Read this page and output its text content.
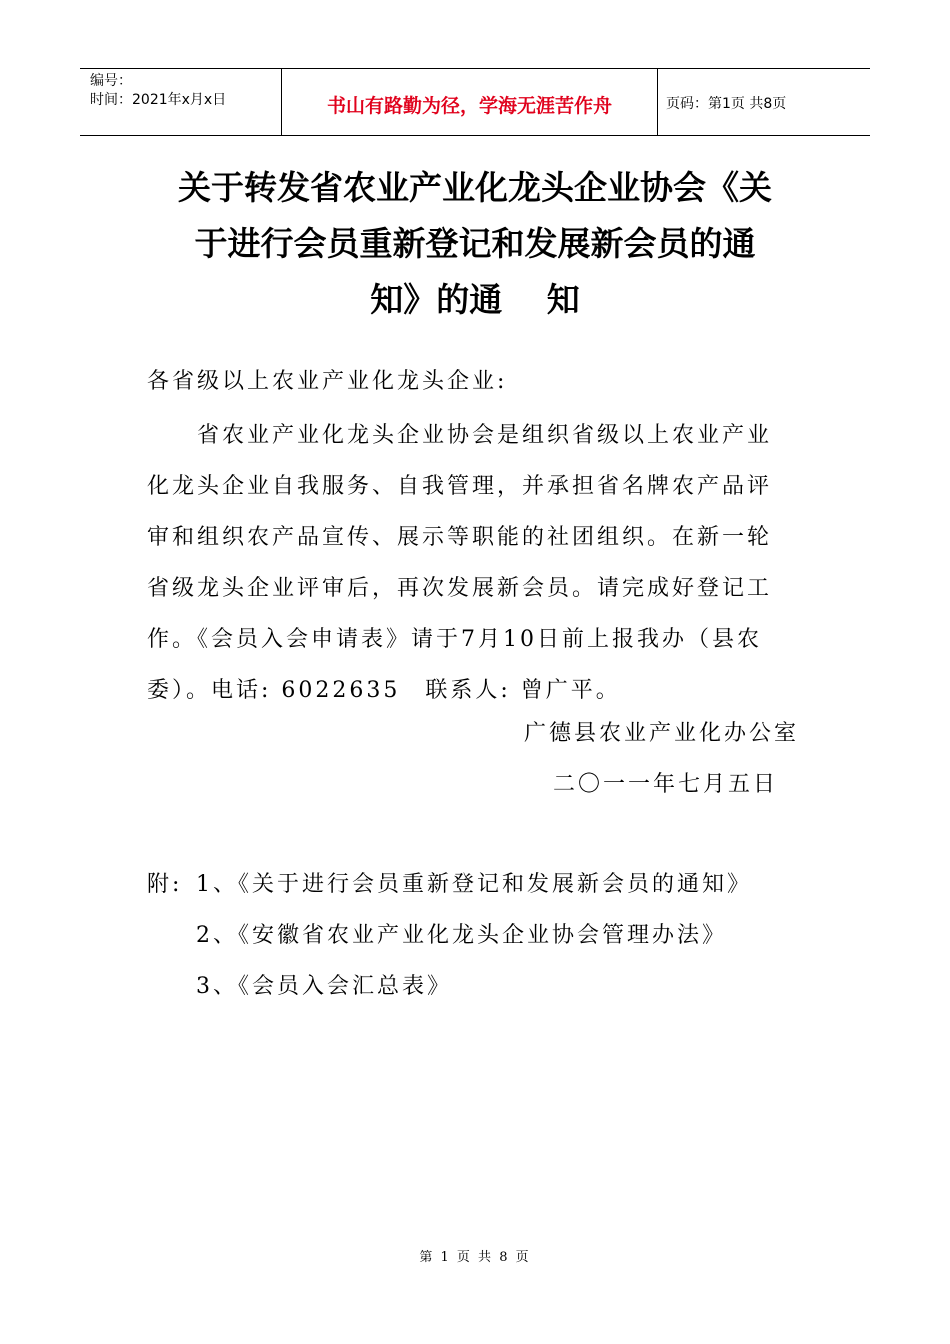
编号：
时间：2021年x月x日	书山有路勤为径，学海无涯苦作舟	页码：第1页 共8页
关于转发省农业产业化龙头企业协会《关
于进行会员重新登记和发展新会员的通
知》的通　 知

各省级以上农业产业化龙头企业:

　　省农业产业化龙头企业协会是组织省级以上农业产业
化龙头企业自我服务、自我管理，并承担省名牌农产品评
审和组织农产品宣传、展示等职能的社团组织。在新一轮
省级龙头企业评审后，再次发展新会员。请完成好登记工
作。《会员入会申请表》请于7月10日前上报我办（县农
委）。电话: 6022635　联系人: 曾广平。

广德县农业产业化办公室

二〇一一年七月五日

附: 1、《关于进行会员重新登记和发展新会员的通知》

2、《安徽省农业产业化龙头企业协会管理办法》

3、《会员入会汇总表》

第 1 页 共 8 页
